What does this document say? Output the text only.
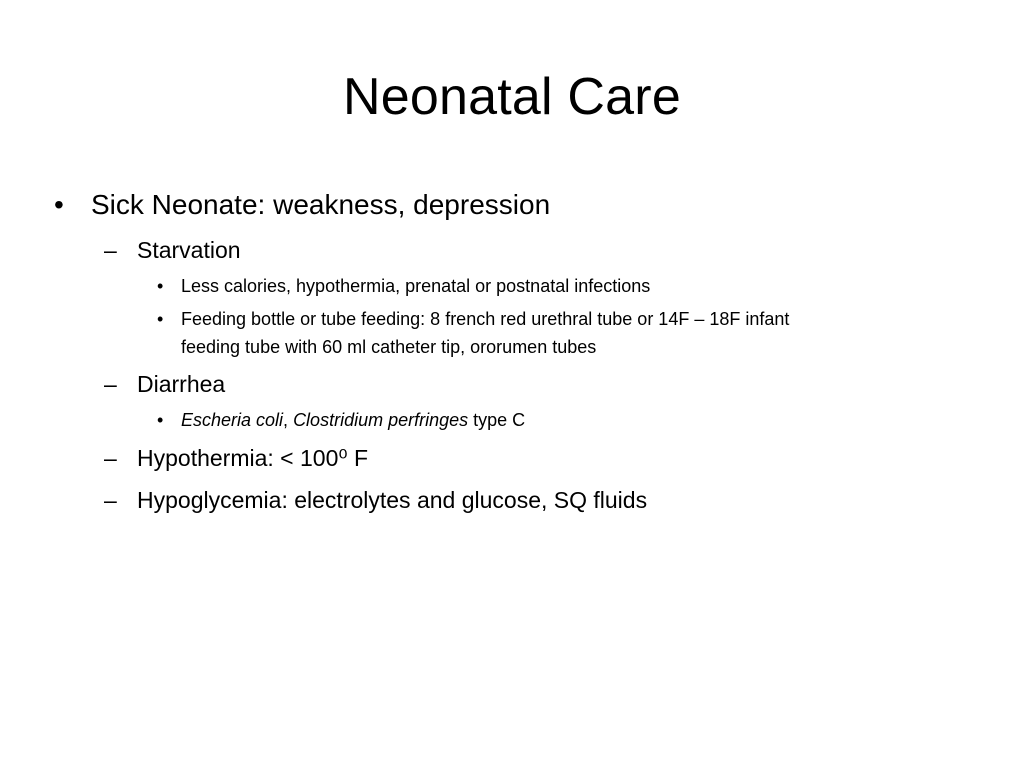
Neonatal Care
• Sick Neonate: weakness, depression
– Starvation
• Less calories, hypothermia, prenatal or postnatal infections
• Feeding bottle or tube feeding: 8 french red urethral tube or 14F – 18F infant
feeding tube with 60 ml catheter tip, ororumen tubes
– Diarrhea
• Escheria coli, Clostridium perfringes type C
– Hypothermia: < 100⁰ F
– Hypoglycemia: electrolytes and glucose, SQ fluids
